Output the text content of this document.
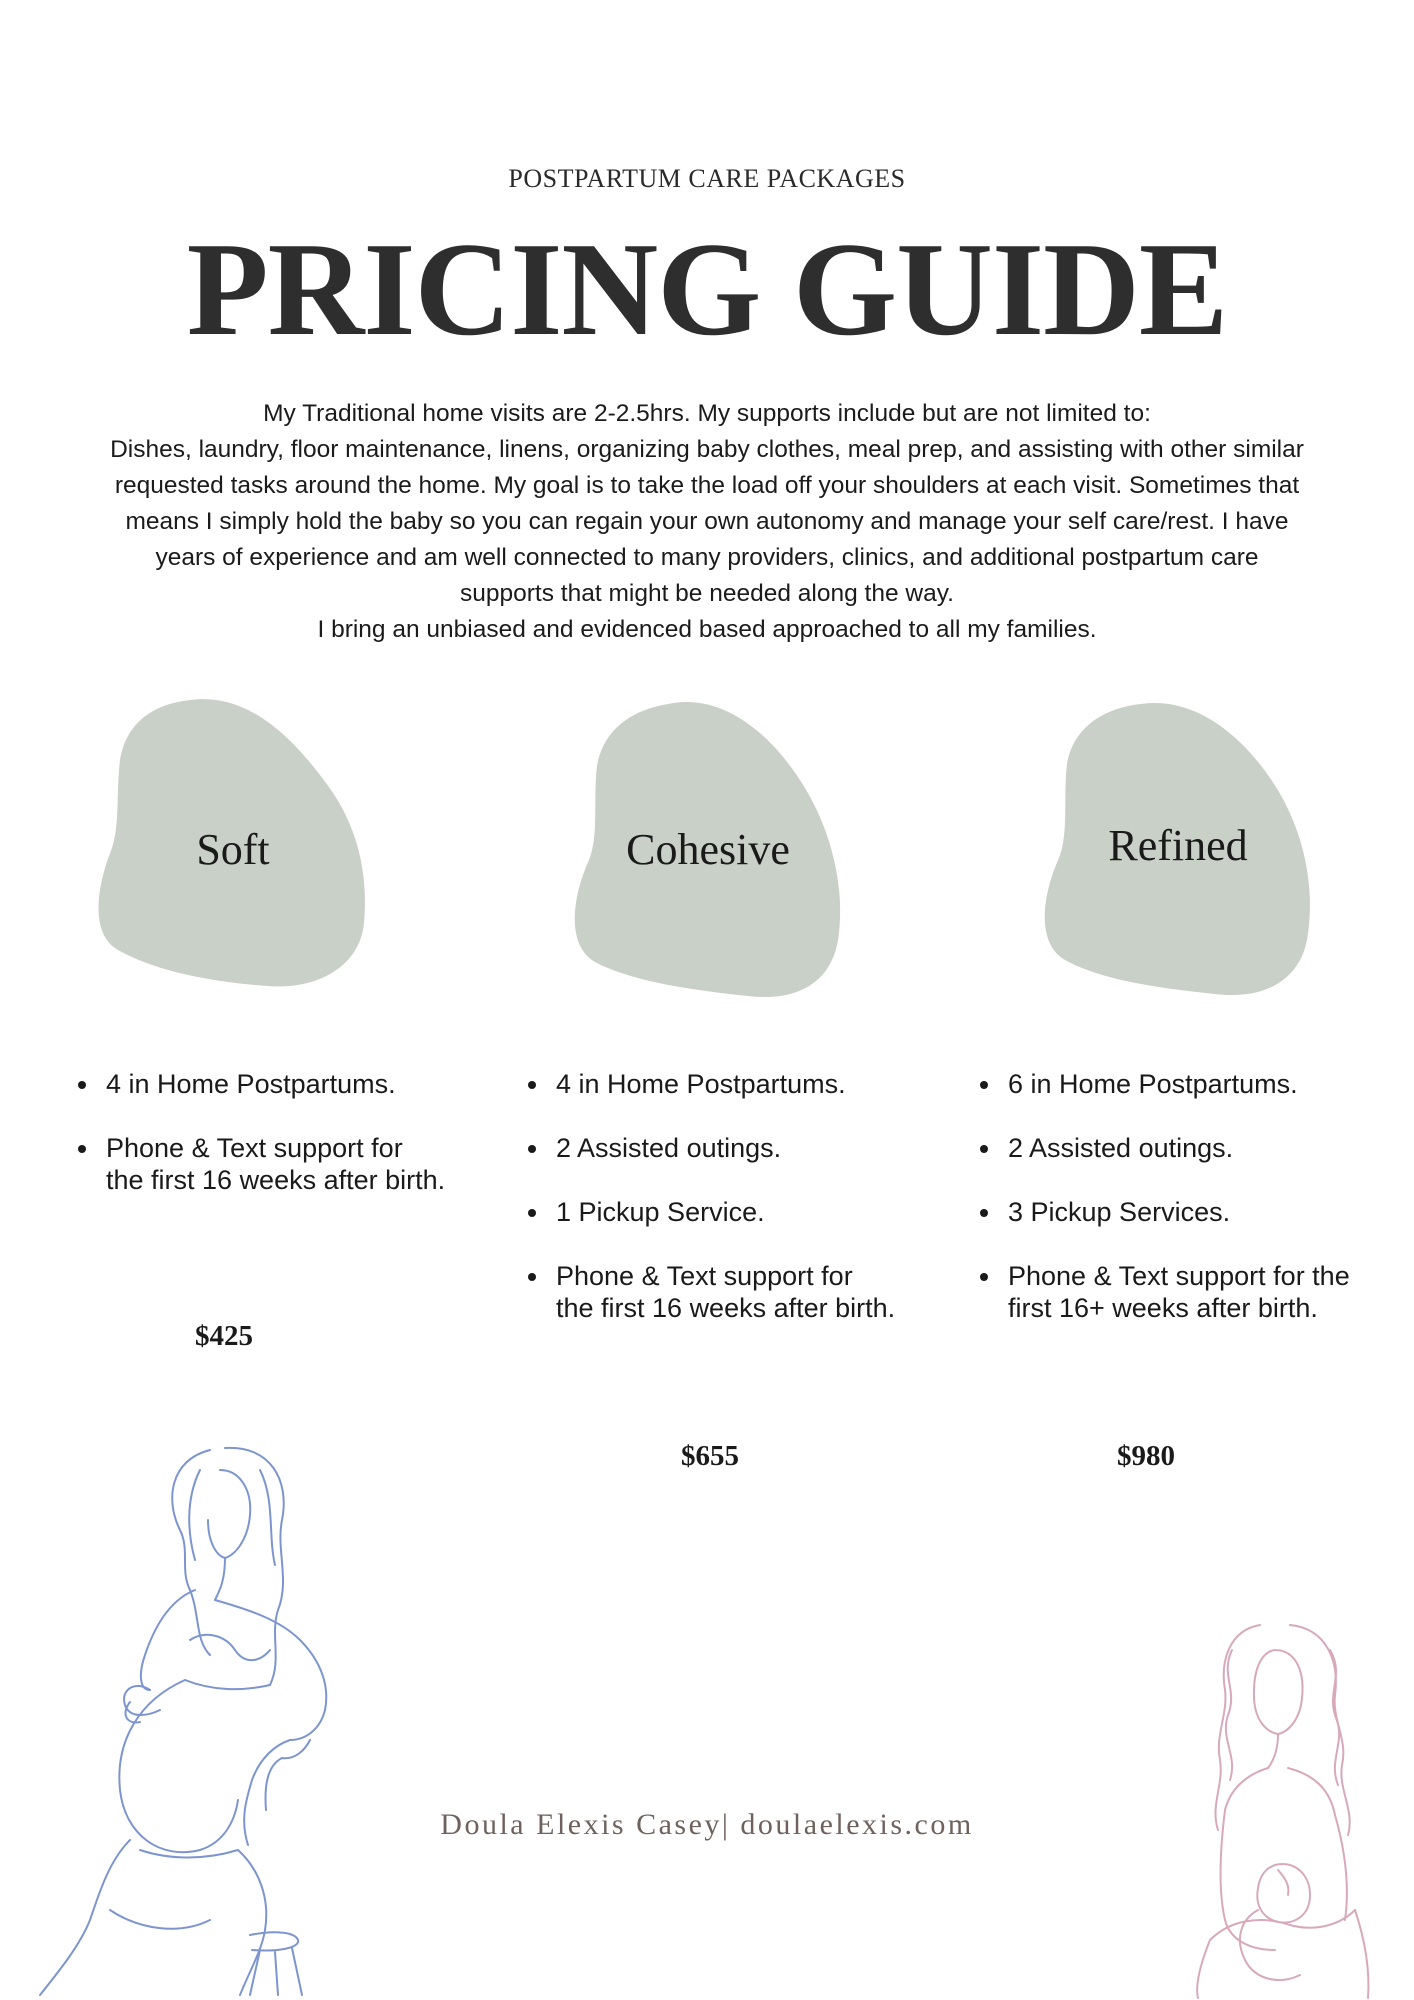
POSTPARTUM CARE PACKAGES
PRICING GUIDE

My Traditional home visits are 2-2.5hrs. My supports include but are not limited to:

Dishes, laundry, floor maintenance, linens, organizing baby clothes, meal prep, and assisting with other similar

requested tasks around the home. My goal is to take the load off your shoulders at each visit. Sometimes that

means I simply hold the baby so you can regain your own autonomy and manage your self care/rest. I have

years of experience and am well connected to many providers, clinics, and additional postpartum care

supports that might be needed along the way.

I bring an unbiased and evidenced based approached to all my families.

Soft
4 in Home Postpartums.
Phone & Text support for the first 16 weeks after birth.
$425
Cohesive
4 in Home Postpartums.
2 Assisted outings.
1 Pickup Service.
Phone & Text support for the first 16 weeks after birth.
$655
Refined
6 in Home Postpartums.
2 Assisted outings.
3 Pickup Services.
Phone & Text support for the first 16+ weeks after birth.
$980
Doula Elexis Casey| doulaelexis.com
